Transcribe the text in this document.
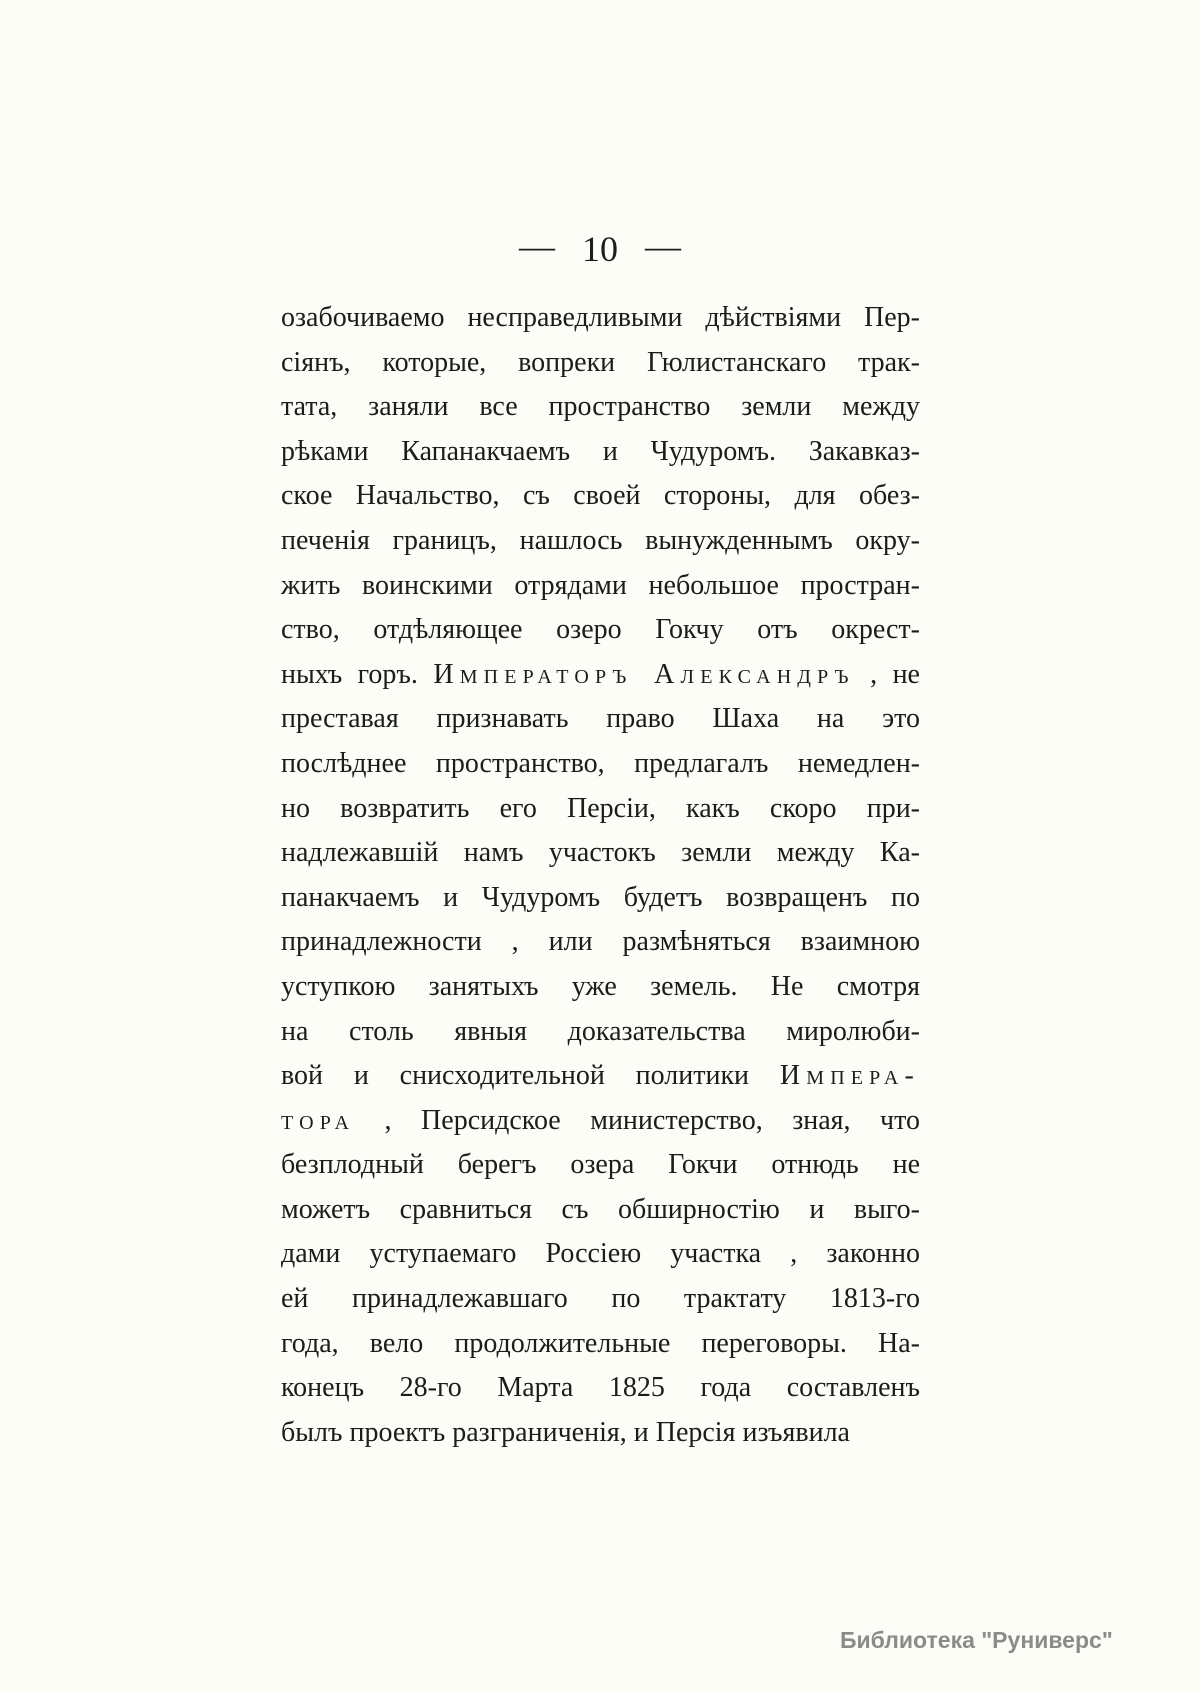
— 10 —
озабочиваемо несправедливыми дѣйствіями Пер-
сіянъ, которые, вопреки Гюлистанскаго трак-
тата, заняли все пространство земли между
рѣками Капанакчаемъ и Чудуромъ. Закавказ-
ское Начальство, съ своей стороны, для обез-
печенія границъ, нашлось вынужденнымъ окру-
жить воинскими отрядами небольшое простран-
ство, отдѣляющее озеро Гокчу отъ окрест-
ныхъ горъ. Императоръ Александръ , не
преставая признавать право Шаха на это
послѣднее пространство, предлагалъ немедлен-
но возвратить его Персіи, какъ скоро при-
надлежавшій намъ участокъ земли между Ка-
панакчаемъ и Чудуромъ будетъ возвращенъ по
принадлежности , или размѣняться взаимною
уступкою занятыхъ уже земель. Не смотря
на столь явныя доказательства миролюби-
вой и снисходительной политики Импера-
тора , Персидское министерство, зная, что
безплодный берегъ озера Гокчи отнюдь не
можетъ сравниться съ обширностію и выго-
дами уступаемаго Россіею участка , законно
ей принадлежавшаго по трактату 1813-го
года, вело продолжительные переговоры. На-
конецъ 28-го Марта 1825 года составленъ
былъ проектъ разграниченія, и Персія изъявила
Библиотека "Руниверс"
